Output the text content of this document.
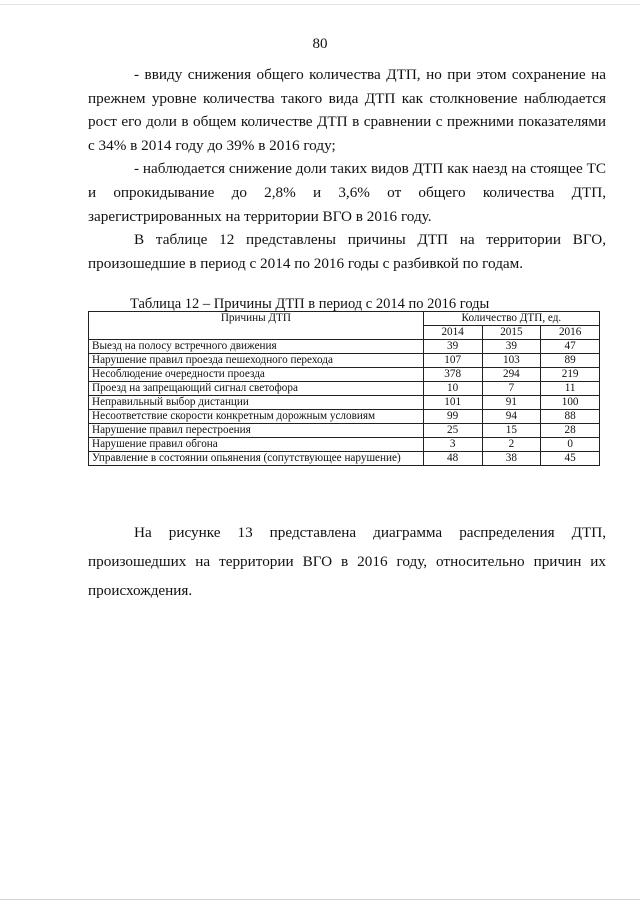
80

- ввиду снижения общего количества ДТП, но при этом сохранение на прежнем уровне количества такого вида ДТП как столкновение наблюдается рост его доли в общем количестве ДТП в сравнении с прежними показателями с 34% в 2014 году до 39% в 2016 году;

- наблюдается снижение доли таких видов ДТП как наезд на стоящее ТС и опрокидывание до 2,8% и 3,6% от общего количества ДТП, зарегистрированных на территории ВГО в 2016 году.

В таблице 12 представлены причины ДТП на территории ВГО, произошедшие в период с 2014 по 2016 годы с разбивкой по годам.

Таблица 12 – Причины ДТП в период с 2014 по 2016 годы
Причины ДТП	Количество ДТП, ед.		
	2014	2015	2016
Выезд на полосу встречного движения	39	39	47
Нарушение правил проезда пешеходного перехода	107	103	89
Несоблюдение очередности проезда	378	294	219
Проезд на запрещающий сигнал светофора	10	7	11
Неправильный выбор дистанции	101	91	100
Несоответствие скорости конкретным дорожным условиям	99	94	88
Нарушение правил перестроения	25	15	28
Нарушение правил обгона	3	2	0
Управление в состоянии опьянения (сопутствующее нарушение)	48	38	45

На рисунке 13 представлена диаграмма распределения ДТП, произошедших на территории ВГО в 2016 году, относительно причин их происхождения.
